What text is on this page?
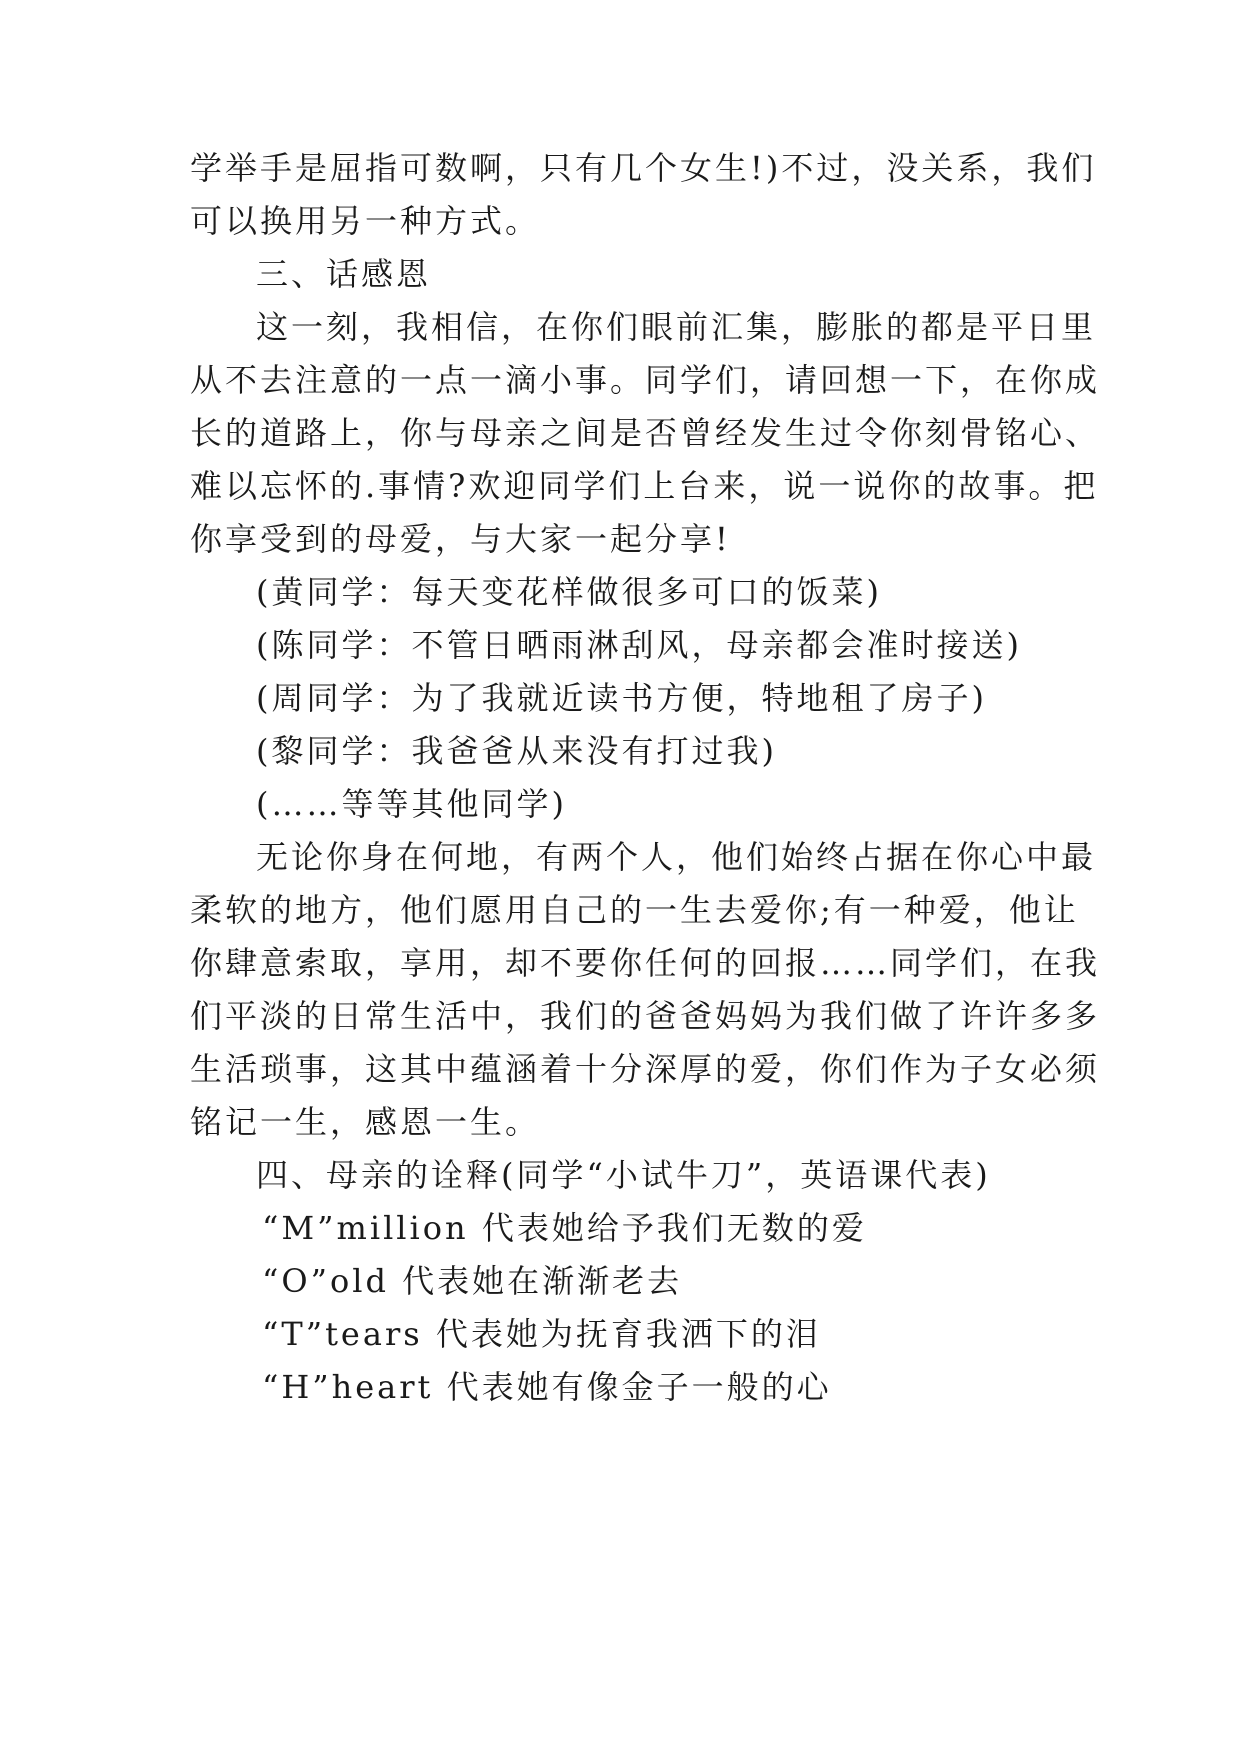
学举手是屈指可数啊，只有几个女生!)不过，没关系，我们
可以换用另一种方式。
三、话感恩
这一刻，我相信，在你们眼前汇集，膨胀的都是平日里
从不去注意的一点一滴小事。同学们，请回想一下，在你成
长的道路上，你与母亲之间是否曾经发生过令你刻骨铭心、
难以忘怀的.事情?欢迎同学们上台来，说一说你的故事。把
你享受到的母爱，与大家一起分享!
(黄同学：每天变花样做很多可口的饭菜)
(陈同学：不管日晒雨淋刮风，母亲都会准时接送)
(周同学：为了我就近读书方便，特地租了房子)
(黎同学：我爸爸从来没有打过我)
(……等等其他同学)
无论你身在何地，有两个人，他们始终占据在你心中最
柔软的地方，他们愿用自己的一生去爱你;有一种爱，他让
你肆意索取，享用，却不要你任何的回报……同学们，在我
们平淡的日常生活中，我们的爸爸妈妈为我们做了许许多多
生活琐事，这其中蕴涵着十分深厚的爱，你们作为子女必须
铭记一生，感恩一生。
四、母亲的诠释(同学“小试牛刀”，英语课代表)
“M”million 代表她给予我们无数的爱
“O”old 代表她在渐渐老去
“T”tears 代表她为抚育我洒下的泪
“H”heart 代表她有像金子一般的心
